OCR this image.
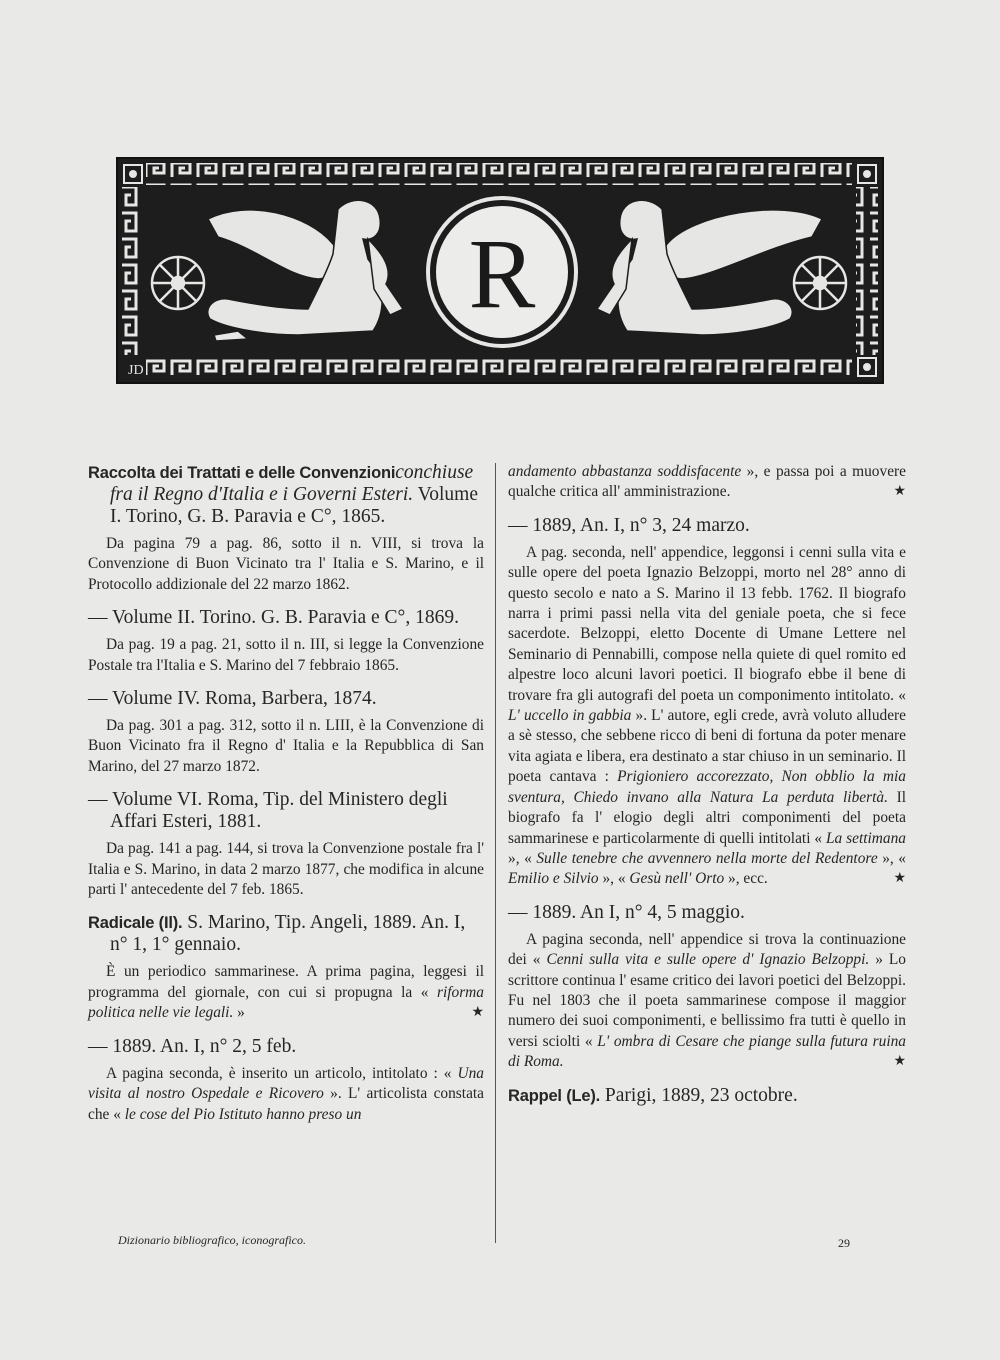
R
JD

Raccolta dei Trattati e delle Convenzioniconchiuse fra il Regno d'Italia e i Governi Esteri. Volume I. Torino, G. B. Paravia e C°, 1865.

Da pagina 79 a pag. 86, sotto il n. VIII, si trova la Convenzione di Buon Vicinato tra l' Italia e S. Marino, e il Protocollo addizionale del 22 marzo 1862.

— Volume II. Torino. G. B. Paravia e C°, 1869.

Da pag. 19 a pag. 21, sotto il n. III, si legge la Convenzione Postale tra l'Italia e S. Marino del 7 febbraio 1865.

— Volume IV. Roma, Barbera, 1874.

Da pag. 301 a pag. 312, sotto il n. LIII, è la Convenzione di Buon Vicinato fra il Regno d' Italia e la Repubblica di San Marino, del 27 marzo 1872.

— Volume VI. Roma, Tip. del Ministero degli Affari Esteri, 1881.

Da pag. 141 a pag. 144, si trova la Convenzione postale fra l' Italia e S. Marino, in data 2 marzo 1877, che modifica in alcune parti l' antecedente del 7 feb. 1865.

Radicale (Il). S. Marino, Tip. Angeli, 1889. An. I, n° 1, 1° gennaio.

È un periodico sammarinese. A prima pagina, leggesi il programma del giornale, con cui si propugna la « riforma politica nelle vie legali. »	★

— 1889. An. I, n° 2, 5 feb.

A pagina seconda, è inserito un articolo, intitolato : « Una visita al nostro Ospedale e Ricovero ». L' articolista constata che « le cose del Pio Istituto hanno preso un

andamento abbastanza soddisfacente », e passa poi a muovere qualche critica all' amministrazione.	★

— 1889, An. I, n° 3, 24 marzo.

A pag. seconda, nell' appendice, leggonsi i cenni sulla vita e sulle opere del poeta Ignazio Belzoppi, morto nel 28° anno di questo secolo e nato a S. Marino il 13 febb. 1762. Il biografo narra i primi passi nella vita del geniale poeta, che si fece sacerdote. Belzoppi, eletto Docente di Umane Lettere nel Seminario di Pennabilli, compose nella quiete di quel romito ed alpestre loco alcuni lavori poetici. Il biografo ebbe il bene di trovare fra gli autografi del poeta un componimento intitolato. « L' uccello in gabbia ». L' autore, egli crede, avrà voluto alludere a sè stesso, che sebbene ricco di beni di fortuna da poter menare vita agiata e libera, era destinato a star chiuso in un seminario. Il poeta cantava : Prigioniero accorezzato, Non obblio la mia sventura, Chiedo invano alla Natura La perduta libertà. Il biografo fa l' elogio degli altri componimenti del poeta sammarinese e particolarmente di quelli intitolati « La settimana », « Sulle tenebre che avvennero nella morte del Redentore », « Emilio e Silvio », « Gesù nell' Orto », ecc.	★

— 1889. An I, n° 4, 5 maggio.

A pagina seconda, nell' appendice si trova la continuazione dei « Cenni sulla vita e sulle opere d' Ignazio Belzoppi. » Lo scrittore continua l' esame critico dei lavori poetici del Belzoppi. Fu nel 1803 che il poeta sammarinese compose il maggior numero dei suoi componimenti, e bellissimo fra tutti è quello in versi sciolti « L' ombra di Cesare che piange sulla futura ruina di Roma.	★

Rappel (Le). Parigi, 1889, 23 octobre.

Dizionario bibliografico, iconografico.	29
